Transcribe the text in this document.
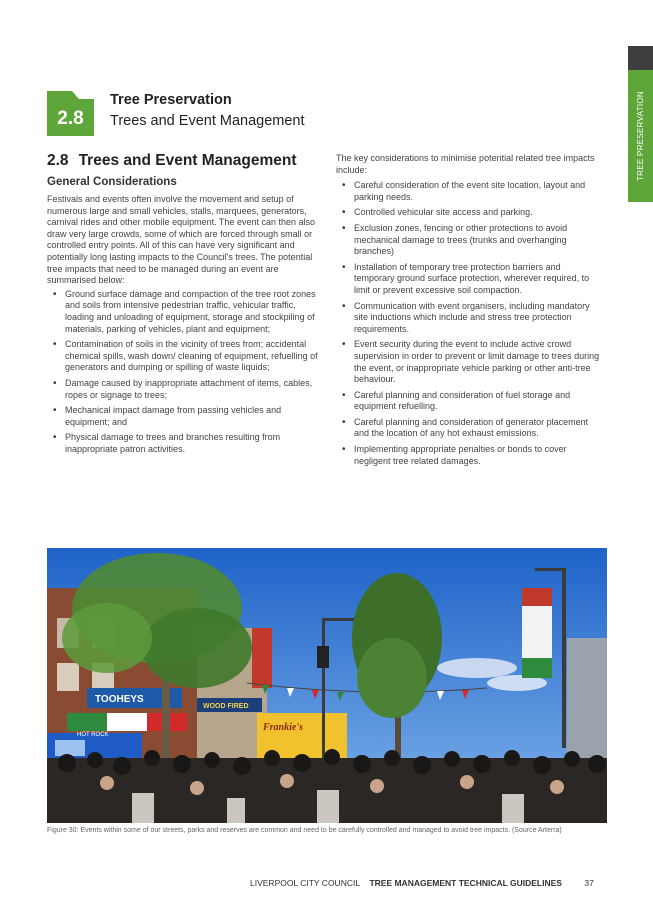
TREE PRESERVATION
2.8
Tree Preservation
Trees and Event Management
2.8 Trees and Event Management
General Considerations

Festivals and events often involve the movement and setup of numerous large and small vehicles, stalls, marquees, generators, carnival rides and other mobile equipment. The event can then also draw very large crowds, some of which are forced through small or controlled entry points. All of this can have very significant and potentially long lasting impacts to the Council's trees. The potential tree impacts that need to be managed during an event are summarised below:

• Ground surface damage and compaction of the tree root zones and soils from intensive pedestrian traffic, vehicular traffic, loading and unloading of equipment, storage and stockpiling of materials, parking of vehicles, plant and equipment;
• Contamination of soils in the vicinity of trees from; accidental chemical spills, wash down/ cleaning of equipment, refuelling of generators and dumping or spilling of waste liquids;
• Damage caused by inappropriate attachment of items, cables, ropes or signage to trees;
• Mechanical impact damage from passing vehicles and equipment; and
• Physical damage to trees and branches resulting from inappropriate patron activities.

The key considerations to minimise potential related tree impacts include:

• Careful consideration of the event site location, layout and parking needs.
• Controlled vehicular site access and parking.
• Exclusion zones, fencing or other protections to avoid mechanical damage to trees (trunks and overhanging branches)
• Installation of temporary tree protection barriers and temporary ground surface protection, wherever required, to limit or prevent excessive soil compaction.
• Communication with event organisers, including mandatory site inductions which include and stress tree protection requirements.
• Event security during the event to include active crowd supervision in order to prevent or limit damage to trees during the event, or inappropriate vehicle parking or other anti-tree behaviour.
• Careful planning and consideration of fuel storage and equipment refuelling.
• Careful planning and consideration of generator placement and the location of any hot exhaust emissions.
• Implementing appropriate penalties or bonds to cover negligent tree related damages.
TOOHEYS
WOOD FIRED
HOT ROCK
Frankie's
Figure 30: Events within some of our streets, parks and reserves are common and need to be carefully controlled and managed to avoid tree impacts. (Source Arterra)
LIVERPOOL CITY COUNCIL TREE MANAGEMENT TECHNICAL GUIDELINES	37
